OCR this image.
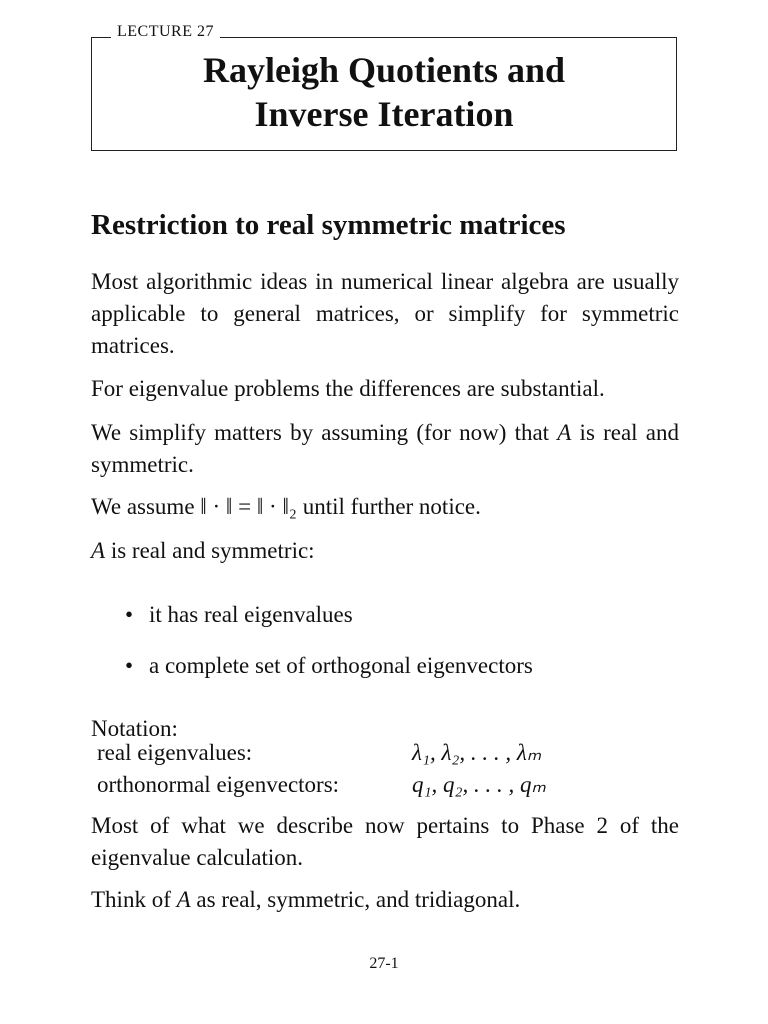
LECTURE 27
Rayleigh Quotients and
Inverse Iteration
Restriction to real symmetric matrices
Most algorithmic ideas in numerical linear algebra are usually applicable to general matrices, or simplify for symmetric matrices.
For eigenvalue problems the differences are substantial.
We simplify matters by assuming (for now) that A is real and symmetric.
We assume ‖ · ‖ = ‖ · ‖₂ until further notice.
A is real and symmetric:
• it has real eigenvalues
• a complete set of orthogonal eigenvectors
Notation:
real eigenvalues:	λ₁, λ₂, . . . , λₘ
orthonormal eigenvectors:	q₁, q₂, . . . , qₘ
Most of what we describe now pertains to Phase 2 of the eigenvalue calculation.
Think of A as real, symmetric, and tridiagonal.
27-1
